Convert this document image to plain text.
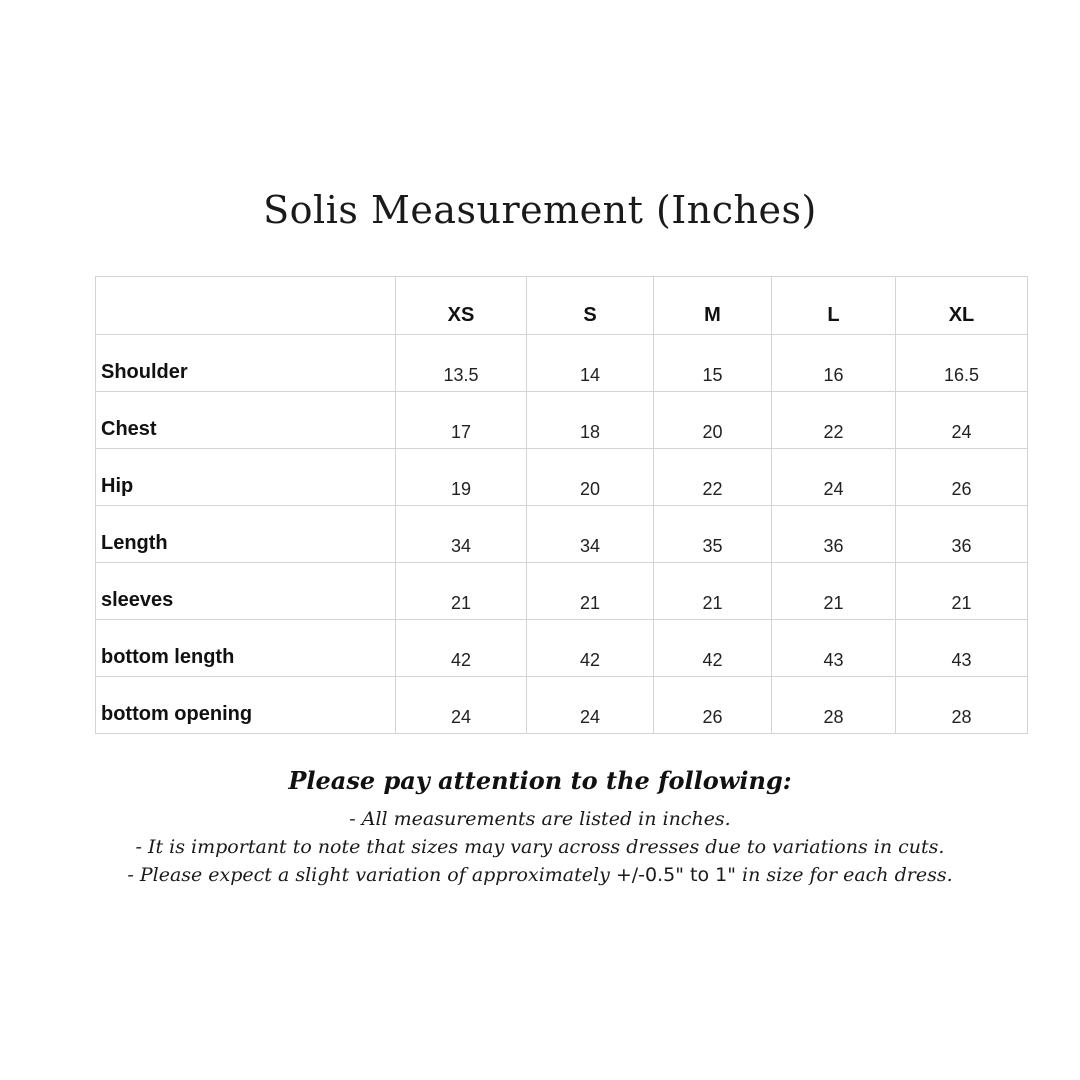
Solis Measurement (Inches)
	XS	S	M	L	XL
Shoulder	13.5	14	15	16	16.5
Chest	17	18	20	22	24
Hip	19	20	22	24	26
Length	34	34	35	36	36
sleeves	21	21	21	21	21
bottom length	42	42	42	43	43
bottom opening	24	24	26	28	28
Please pay attention to the following:
- All measurements are listed in inches.
- It is important to note that sizes may vary across dresses due to variations in cuts.
- Please expect a slight variation of approximately +/-0.5" to 1" in size for each dress.
